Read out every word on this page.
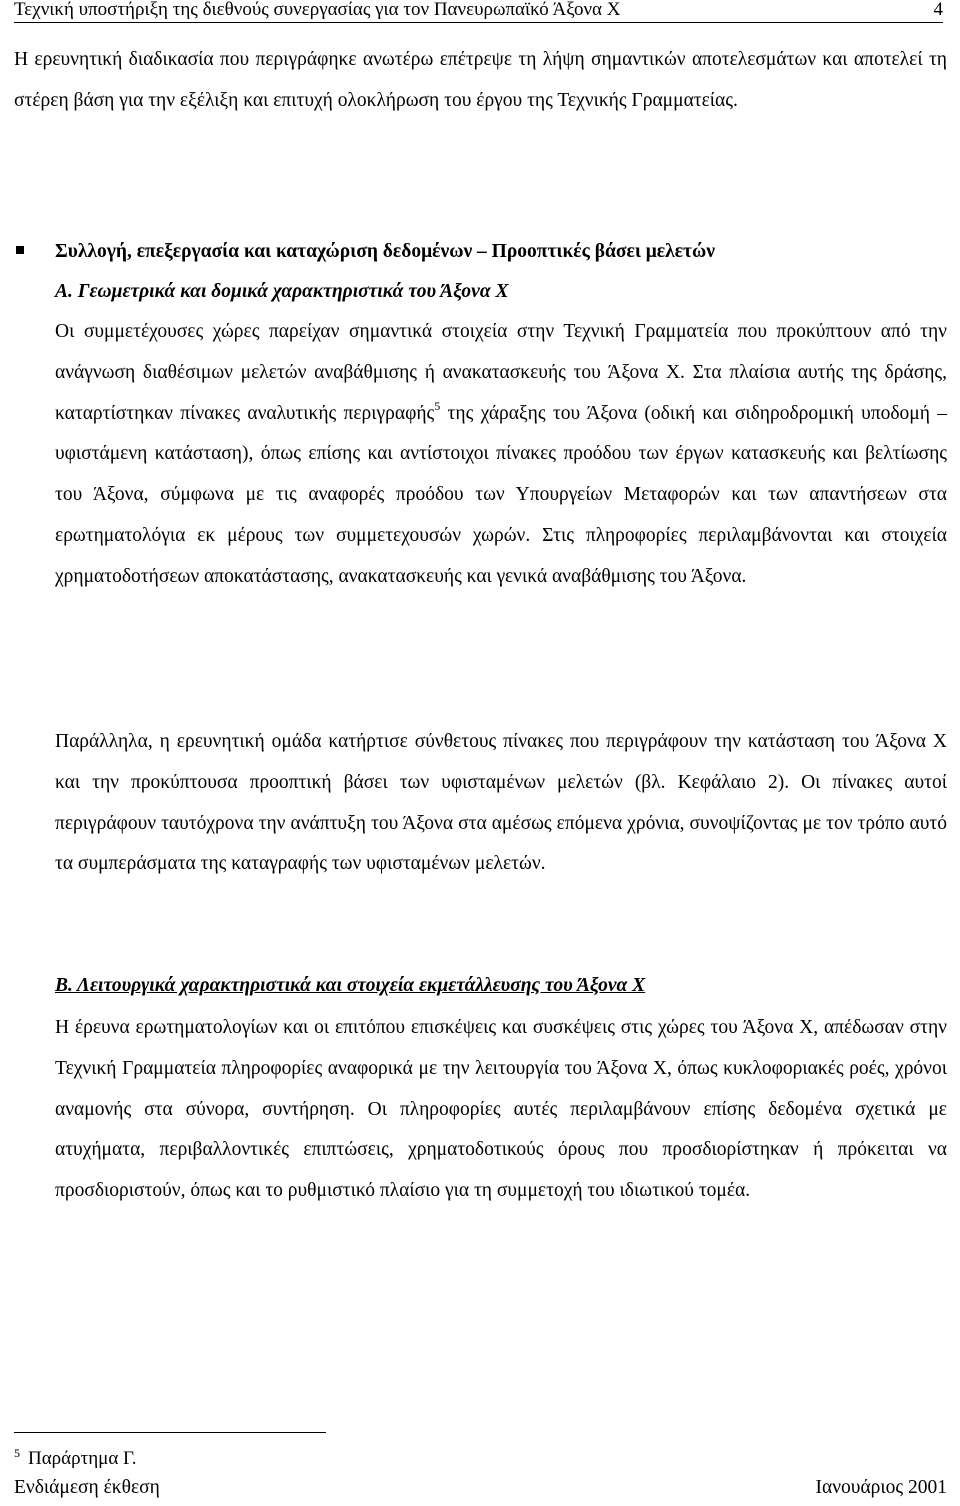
Τεχνική υποστήριξη της διεθνούς συνεργασίας για τον Πανευρωπαϊκό Άξονα Χ	4

Η ερευνητική διαδικασία που περιγράφηκε ανωτέρω επέτρεψε τη λήψη σημαντικών αποτελεσμάτων και αποτελεί τη στέρεη βάση για την εξέλιξη και επιτυχή ολοκλήρωση του έργου της Τεχνικής Γραμματείας.

Συλλογή, επεξεργασία και καταχώριση δεδομένων – Προοπτικές βάσει μελετών
Α. Γεωμετρικά και δομικά χαρακτηριστικά του Άξονα Χ

Οι συμμετέχουσες χώρες παρείχαν σημαντικά στοιχεία στην Τεχνική Γραμματεία που προκύπτουν από την ανάγνωση διαθέσιμων μελετών αναβάθμισης ή ανακατασκευής του Άξονα Χ. Στα πλαίσια αυτής της δράσης, καταρτίστηκαν πίνακες αναλυτικής περιγραφής$^5$ της χάραξης του Άξονα (οδική και σιδηροδρομική υποδομή – υφιστάμενη κατάσταση), όπως επίσης και αντίστοιχοι πίνακες προόδου των έργων κατασκευής και βελτίωσης του Άξονα, σύμφωνα με τις αναφορές προόδου των Υπουργείων Μεταφορών και των απαντήσεων στα ερωτηματολόγια εκ μέρους των συμμετεχουσών χωρών. Στις πληροφορίες περιλαμβάνονται και στοιχεία χρηματοδοτήσεων αποκατάστασης, ανακατασκευής και γενικά αναβάθμισης του Άξονα.

Παράλληλα, η ερευνητική ομάδα κατήρτισε σύνθετους πίνακες που περιγράφουν την κατάσταση του Άξονα Χ και την προκύπτουσα προοπτική βάσει των υφισταμένων μελετών (βλ. Κεφάλαιο 2). Οι πίνακες αυτοί περιγράφουν ταυτόχρονα την ανάπτυξη του Άξονα στα αμέσως επόμενα χρόνια, συνοψίζοντας με τον τρόπο αυτό τα συμπεράσματα της καταγραφής των υφισταμένων μελετών.

Β. Λειτουργικά χαρακτηριστικά και στοιχεία εκμετάλλευσης του Άξονα Χ

Η έρευνα ερωτηματολογίων και οι επιτόπου επισκέψεις και συσκέψεις στις χώρες του Άξονα Χ, απέδωσαν στην Τεχνική Γραμματεία πληροφορίες αναφορικά με την λειτουργία του Άξονα Χ, όπως κυκλοφοριακές ροές, χρόνοι αναμονής στα σύνορα, συντήρηση. Οι πληροφορίες αυτές περιλαμβάνουν επίσης δεδομένα σχετικά με ατυχήματα, περιβαλλοντικές επιπτώσεις, χρηματοδοτικούς όρους που προσδιορίστηκαν ή πρόκειται να προσδιοριστούν, όπως και το ρυθμιστικό πλαίσιο για τη συμμετοχή του ιδιωτικού τομέα.

$^5$ Παράρτημα Γ.
Ενδιάμεση έκθεση	Ιανουάριος 2001
